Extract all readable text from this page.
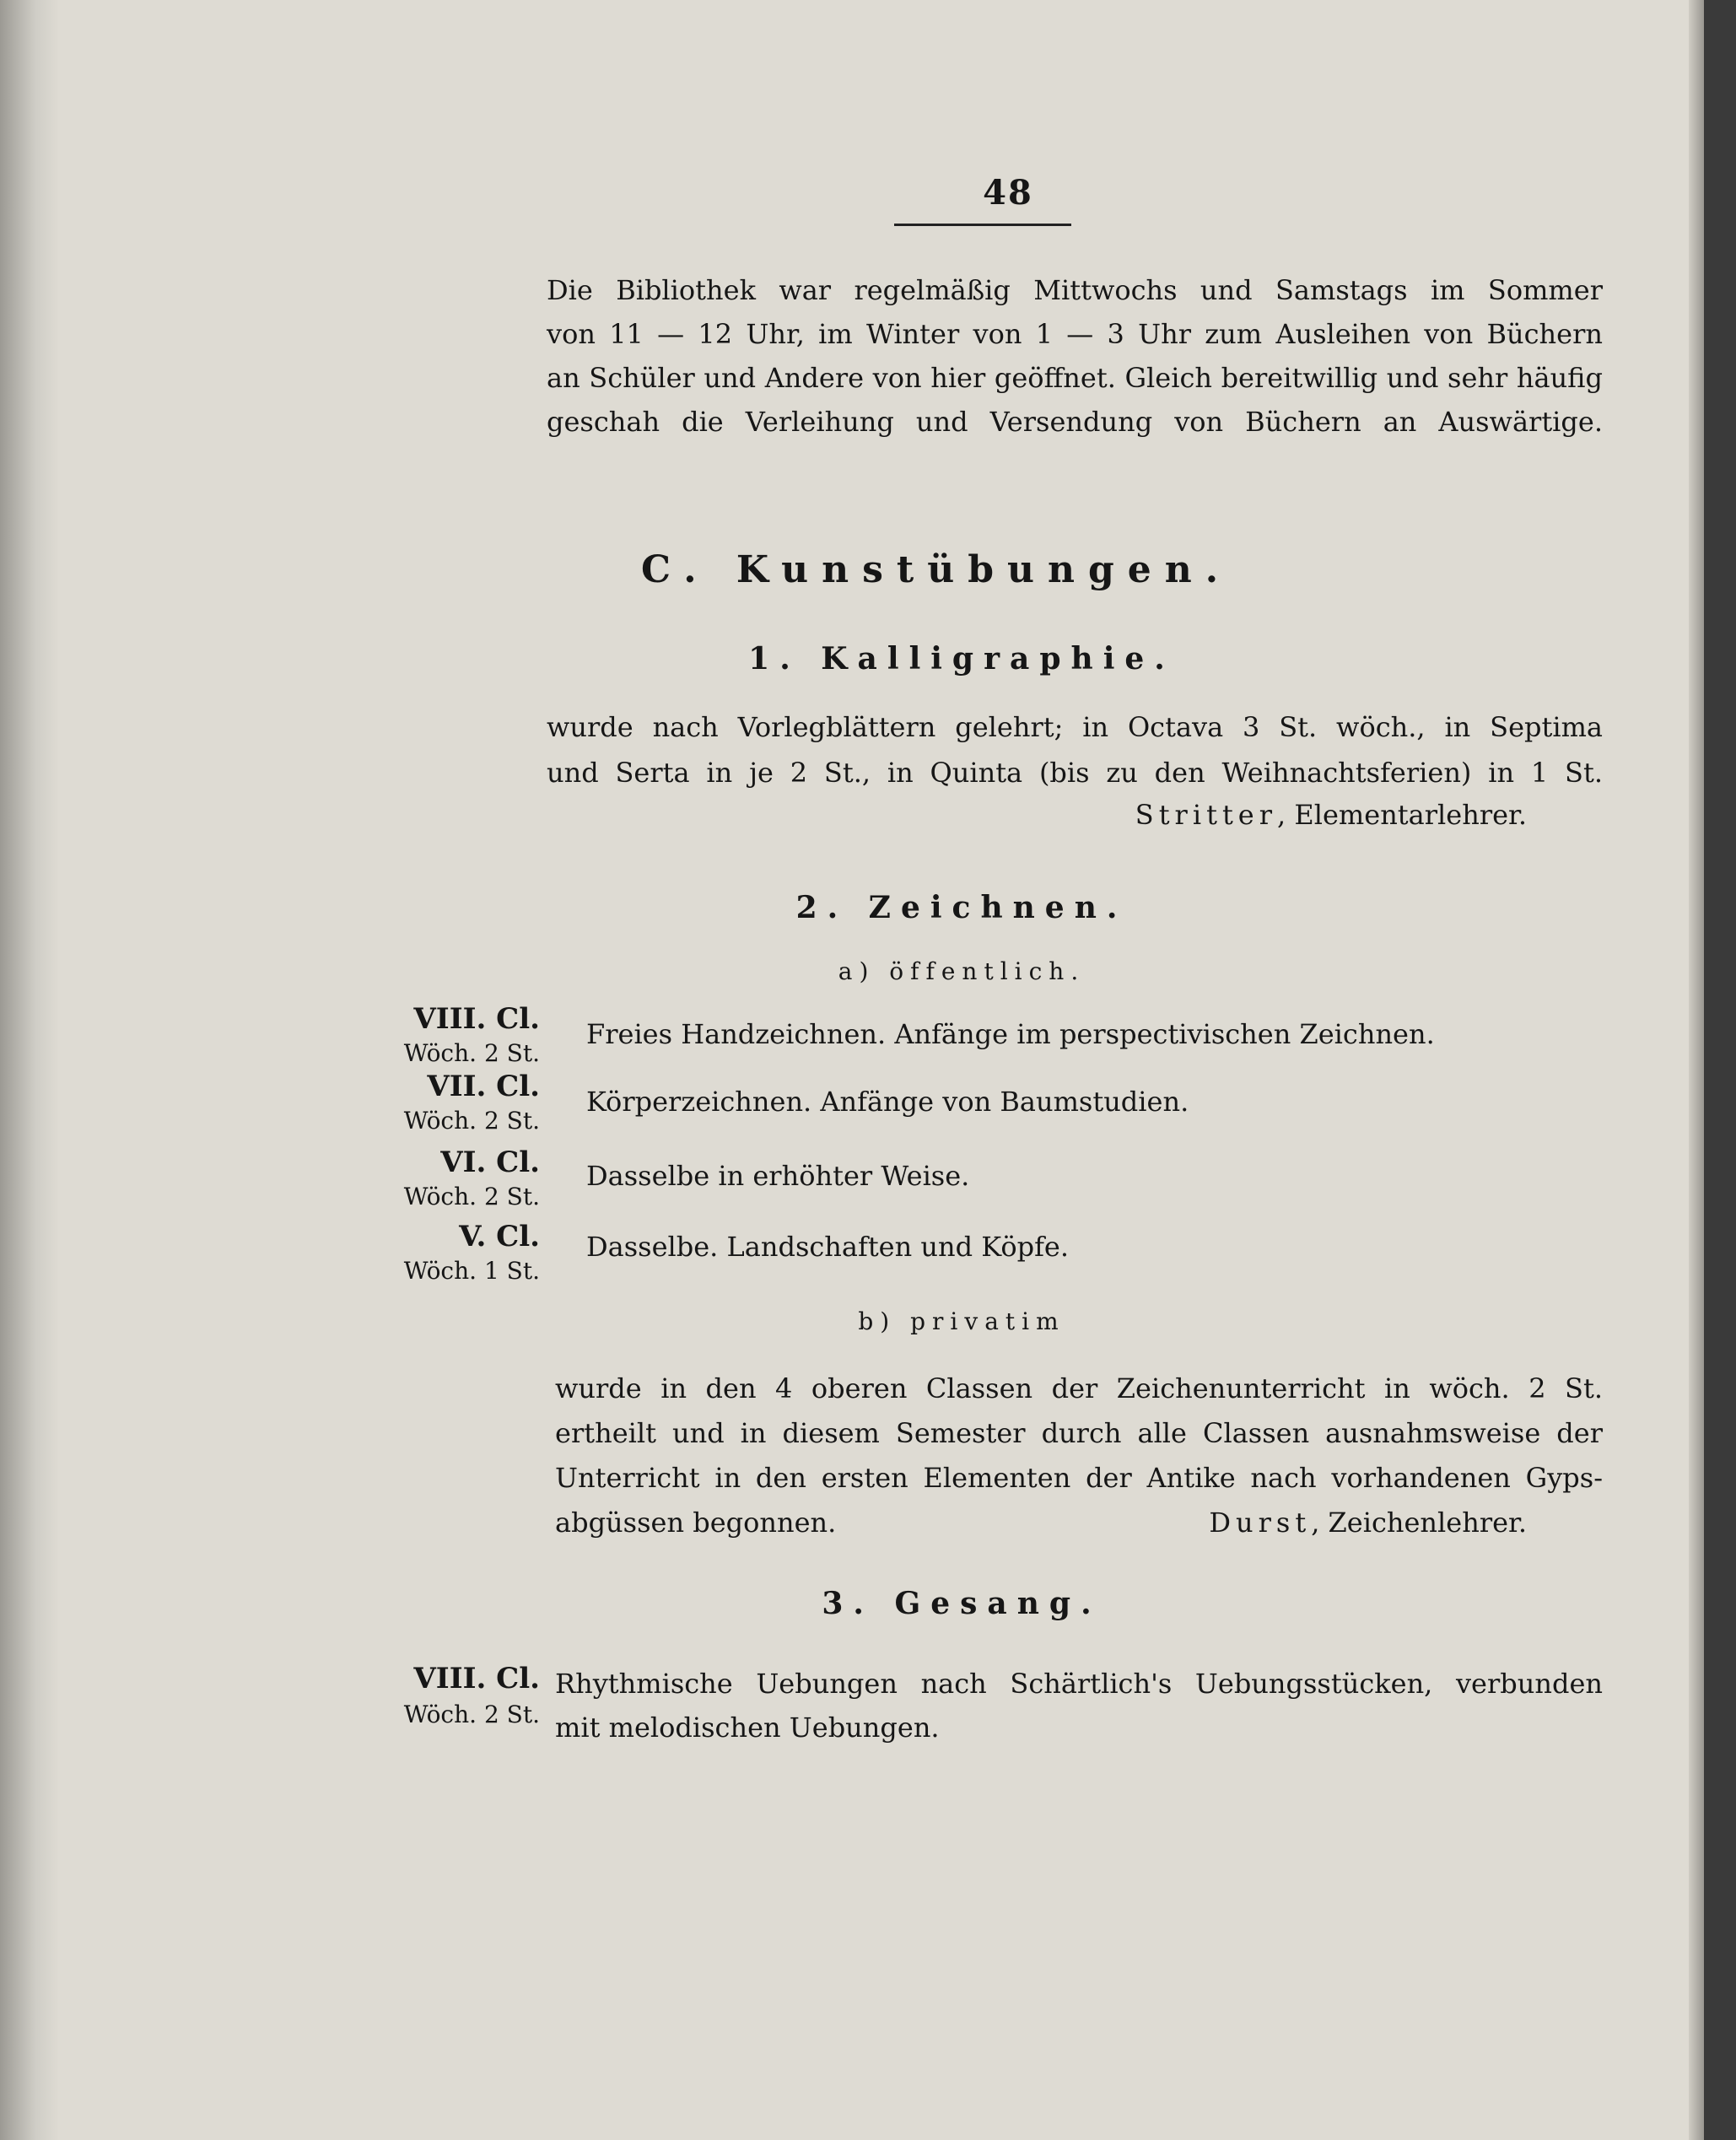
48
Die Bibliothek war regelmäßig Mittwochs und Samstags im Sommer
von 11 — 12 Uhr, im Winter von 1 — 3 Uhr zum Ausleihen von Büchern
an Schüler und Andere von hier geöffnet. Gleich bereitwillig und sehr häufig
geschah die Verleihung und Versendung von Büchern an Auswärtige.
C. Kunstübungen.
1. Kalligraphie.
wurde nach Vorlegblättern gelehrt; in Octava 3 St. wöch., in Septima
und Serta in je 2 St., in Quinta (bis zu den Weihnachtsferien) in 1 St.
Stritter, Elementarlehrer.
2. Zeichnen.
a) öffentlich.
VIII. Cl.
Wöch. 2 St.
Freies Handzeichnen. Anfänge im perspectivischen Zeichnen.
VII. Cl.
Wöch. 2 St.
Körperzeichnen. Anfänge von Baumstudien.
VI. Cl.
Wöch. 2 St.
Dasselbe in erhöhter Weise.
V. Cl.
Wöch. 1 St.
Dasselbe. Landschaften und Köpfe.
b) privatim
wurde in den 4 oberen Classen der Zeichenunterricht in wöch. 2 St.
ertheilt und in diesem Semester durch alle Classen ausnahmsweise der
Unterricht in den ersten Elementen der Antike nach vorhandenen Gyps-
abgüssen begonnen.	Durst, Zeichenlehrer.
3. Gesang.
VIII. Cl.
Wöch. 2 St.
Rhythmische Uebungen nach Schärtlich's Uebungsstücken, verbunden
mit melodischen Uebungen.
